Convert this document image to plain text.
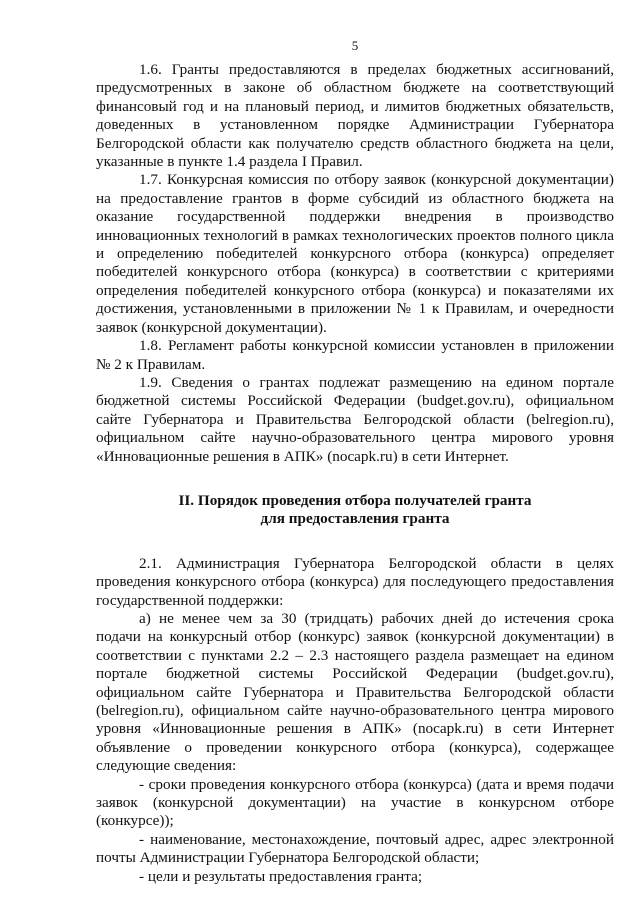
5

1.6. Гранты предоставляются в пределах бюджетных ассигнований, предусмотренных в законе об областном бюджете на соответствующий финансовый год и на плановый период, и лимитов бюджетных обязательств, доведенных в установленном порядке Администрации Губернатора Белгородской области как получателю средств областного бюджета на цели, указанные в пункте 1.4 раздела I Правил.

1.7. Конкурсная комиссия по отбору заявок (конкурсной документации) на предоставление грантов в форме субсидий из областного бюджета на оказание государственной поддержки внедрения в производство инновационных технологий в рамках технологических проектов полного цикла и определению победителей конкурсного отбора (конкурса) определяет победителей конкурсного отбора (конкурса) в соответствии с критериями определения победителей конкурсного отбора (конкурса) и показателями их достижения, установленными в приложении № 1 к Правилам, и очередности заявок (конкурсной документации).

1.8. Регламент работы конкурсной комиссии установлен в приложении № 2 к Правилам.

1.9. Сведения о грантах подлежат размещению на едином портале бюджетной системы Российской Федерации (budget.gov.ru), официальном сайте Губернатора и Правительства Белгородской области (belregion.ru), официальном сайте научно-образовательного центра мирового уровня «Инновационные решения в АПК» (nocapk.ru) в сети Интернет.

II. Порядок проведения отбора получателей гранта
для предоставления гранта

2.1. Администрация Губернатора Белгородской области в целях проведения конкурсного отбора (конкурса) для последующего предоставления государственной поддержки:

а) не менее чем за 30 (тридцать) рабочих дней до истечения срока подачи на конкурсный отбор (конкурс) заявок (конкурсной документации) в соответствии с пунктами 2.2 – 2.3 настоящего раздела размещает на едином портале бюджетной системы Российской Федерации (budget.gov.ru), официальном сайте Губернатора и Правительства Белгородской области (belregion.ru), официальном сайте научно-образовательного центра мирового уровня «Инновационные решения в АПК» (nocapk.ru) в сети Интернет объявление о проведении конкурсного отбора (конкурса), содержащее следующие сведения:

- сроки проведения конкурсного отбора (конкурса) (дата и время подачи заявок (конкурсной документации) на участие в конкурсном отборе (конкурсе));

- наименование, местонахождение, почтовый адрес, адрес электронной почты Администрации Губернатора Белгородской области;

- цели и результаты предоставления гранта;
